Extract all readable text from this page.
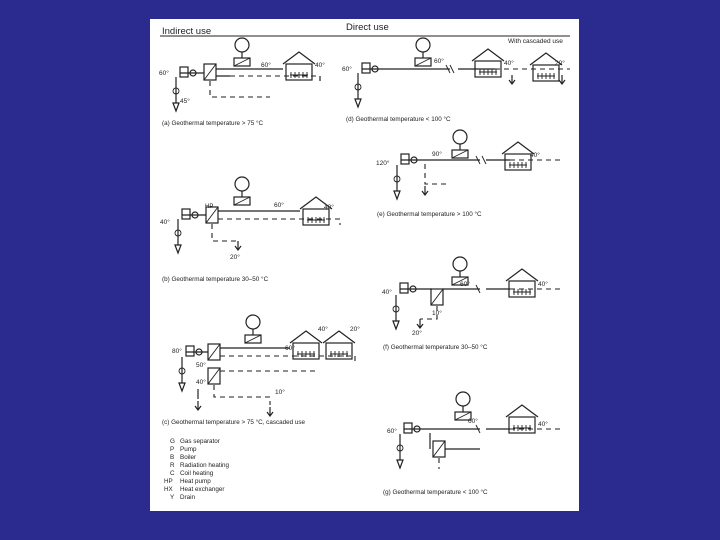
Indirect use	Direct use
With cascaded use
60°
60°	40°
45°
(a) Geothermal temperature > 75 °C
60°
60°	40°	20°
(d) Geothermal temperature < 100 °C
120°
90°	40°
(e) Geothermal temperature > 100 °C
HP
40°
60°	40°
20°
(b) Geothermal temperature 30–50 °C
40°
60°	40°
10°
20°
(f) Geothermal temperature 30–50 °C
80°
50°
40°
60°
40°	20°
10°
(c) Geothermal temperature > 75 °C, cascaded use
60°
60°	40°
(g) Geothermal temperature < 100 °C
G Gas separator
P Pump
B Boiler
R Radiation heating
C Coil heating
HP Heat pump
HX Heat exchanger
Y Drain
